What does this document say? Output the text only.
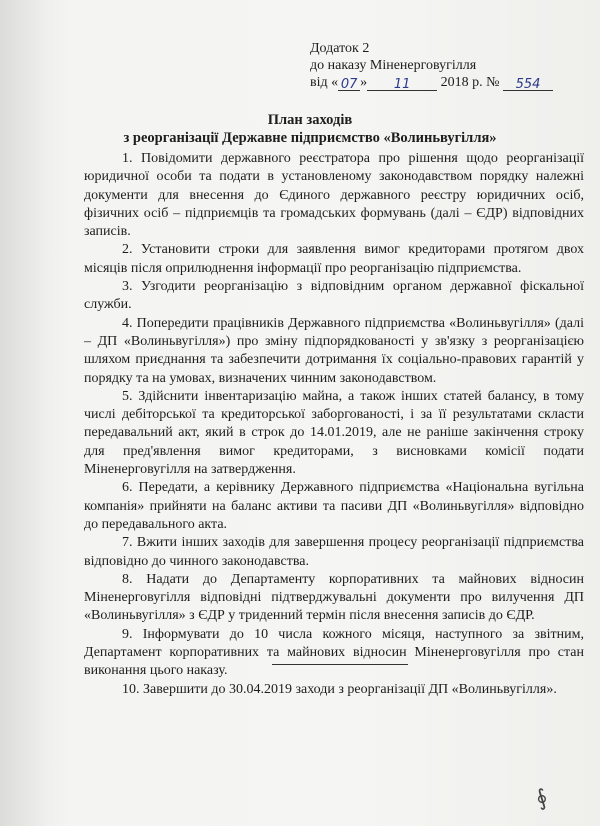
Додаток 2
до наказу Міненерговугілля
від « 07 » 11 2018 р. № 554
План заходів
з реорганізації Державне підприємство «Волиньвугілля»

1. Повідомити державного реєстратора про рішення щодо реорганізації юридичної особи та подати в установленому законодавством порядку належні документи для внесення до Єдиного державного реєстру юридичних осіб, фізичних осіб – підприємців та громадських формувань (далі – ЄДР) відповідних записів.

2. Установити строки для заявлення вимог кредиторами протягом двох місяців після оприлюднення інформації про реорганізацію підприємства.

3. Узгодити реорганізацію з відповідним органом державної фіскальної служби.

4. Попередити працівників Державного підприємства «Волиньвугілля» (далі – ДП «Волиньвугілля») про зміну підпорядкованості у зв'язку з реорганізацією шляхом приєднання та забезпечити дотримання їх соціально-правових гарантій у порядку та на умовах, визначених чинним законодавством.

5. Здійснити інвентаризацію майна, а також інших статей балансу, в тому числі дебіторської та кредиторської заборгованості, і за її результатами скласти передавальний акт, який в строк до 14.01.2019, але не раніше закінчення строку для пред'явлення вимог кредиторами, з висновками комісії подати Міненерговугілля на затвердження.

6. Передати, а керівнику Державного підприємства «Національна вугільна компанія» прийняти на баланс активи та пасиви ДП «Волиньвугілля» відповідно до передавального акта.

7. Вжити інших заходів для завершення процесу реорганізації підприємства відповідно до чинного законодавства.

8. Надати до Департаменту корпоративних та майнових відносин Міненерговугілля відповідні підтверджувальні документи про вилучення ДП «Волиньвугілля» з ЄДР у триденний термін після внесення записів до ЄДР.

9. Інформувати до 10 числа кожного місяця, наступного за звітним, Департамент корпоративних та майнових відносин Міненерговугілля про стан виконання цього наказу.

10. Завершити до 30.04.2019 заходи з реорганізації ДП «Волиньвугілля».

∮
